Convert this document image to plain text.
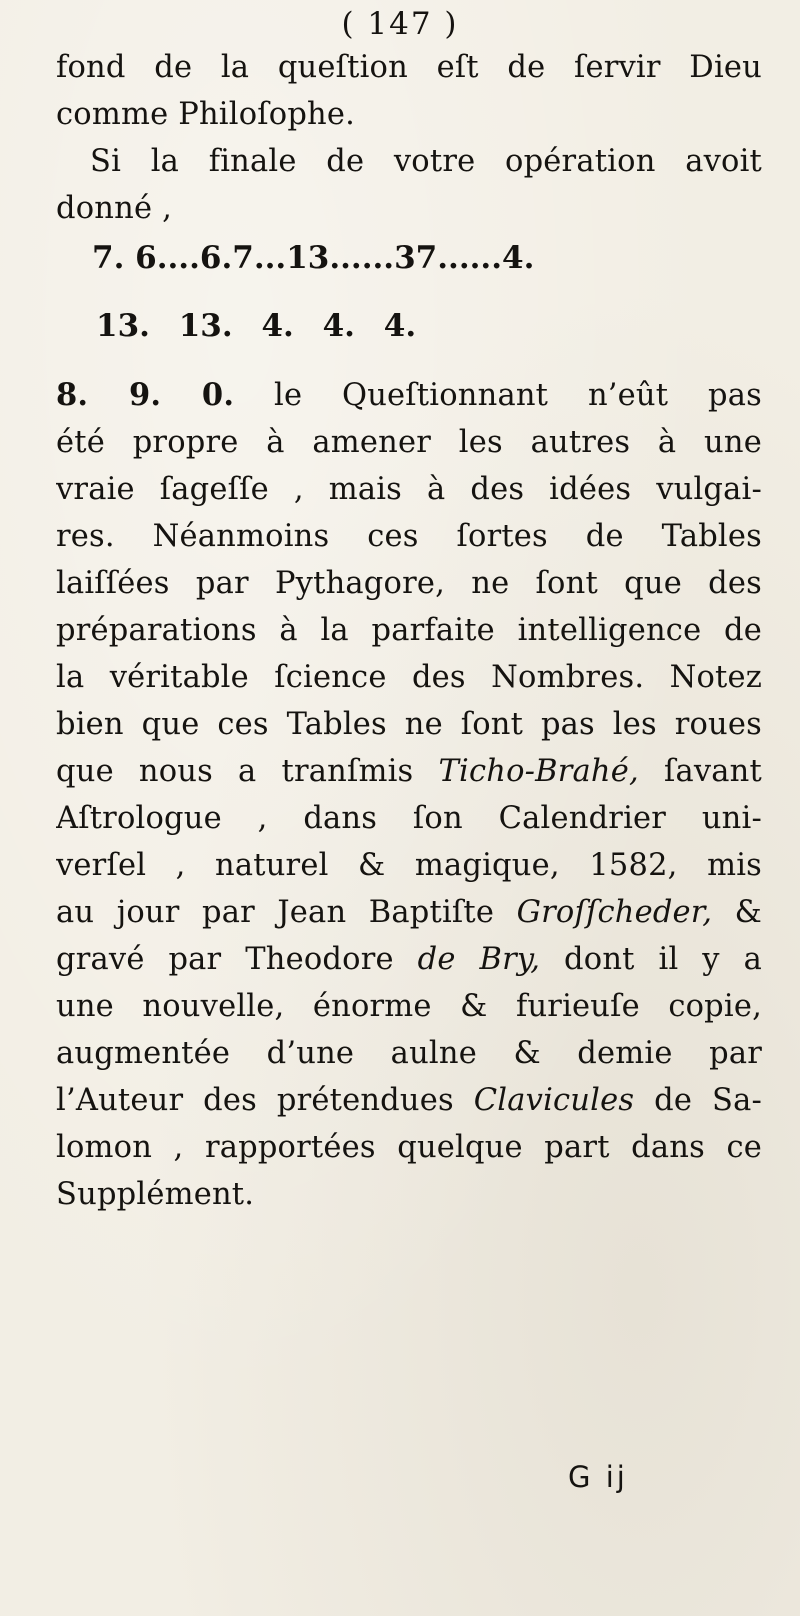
( 147 )
fond de la queſtion eſt de ſervir Dieu
comme Philoſophe.
Si la finale de votre opération avoit
donné ,
7. 6....6.7...13......37......4.
13. 13. 4. 4. 4.
8. 9. 0. le Queſtionnant n’eût pas
été propre à amener les autres à une
vraie ſageſſe , mais à des idées vulgai-
res. Néanmoins ces ſortes de Tables
laiſſées par Pythagore, ne ſont que des
préparations à la parfaite intelligence de
la véritable ſcience des Nombres. Notez
bien que ces Tables ne ſont pas les roues
que nous a tranſmis Ticho-Brahé, ſavant
Aſtrologue , dans ſon Calendrier uni-
verſel , naturel & magique, 1582, mis
au jour par Jean Baptiſte Groſſcheder, &
gravé par Theodore de Bry, dont il y a
une nouvelle, énorme & furieuſe copie,
augmentée d’une aulne & demie par
l’Auteur des prétendues Clavicules de Sa-
lomon , rapportées quelque part dans ce
Supplément.
G ij
